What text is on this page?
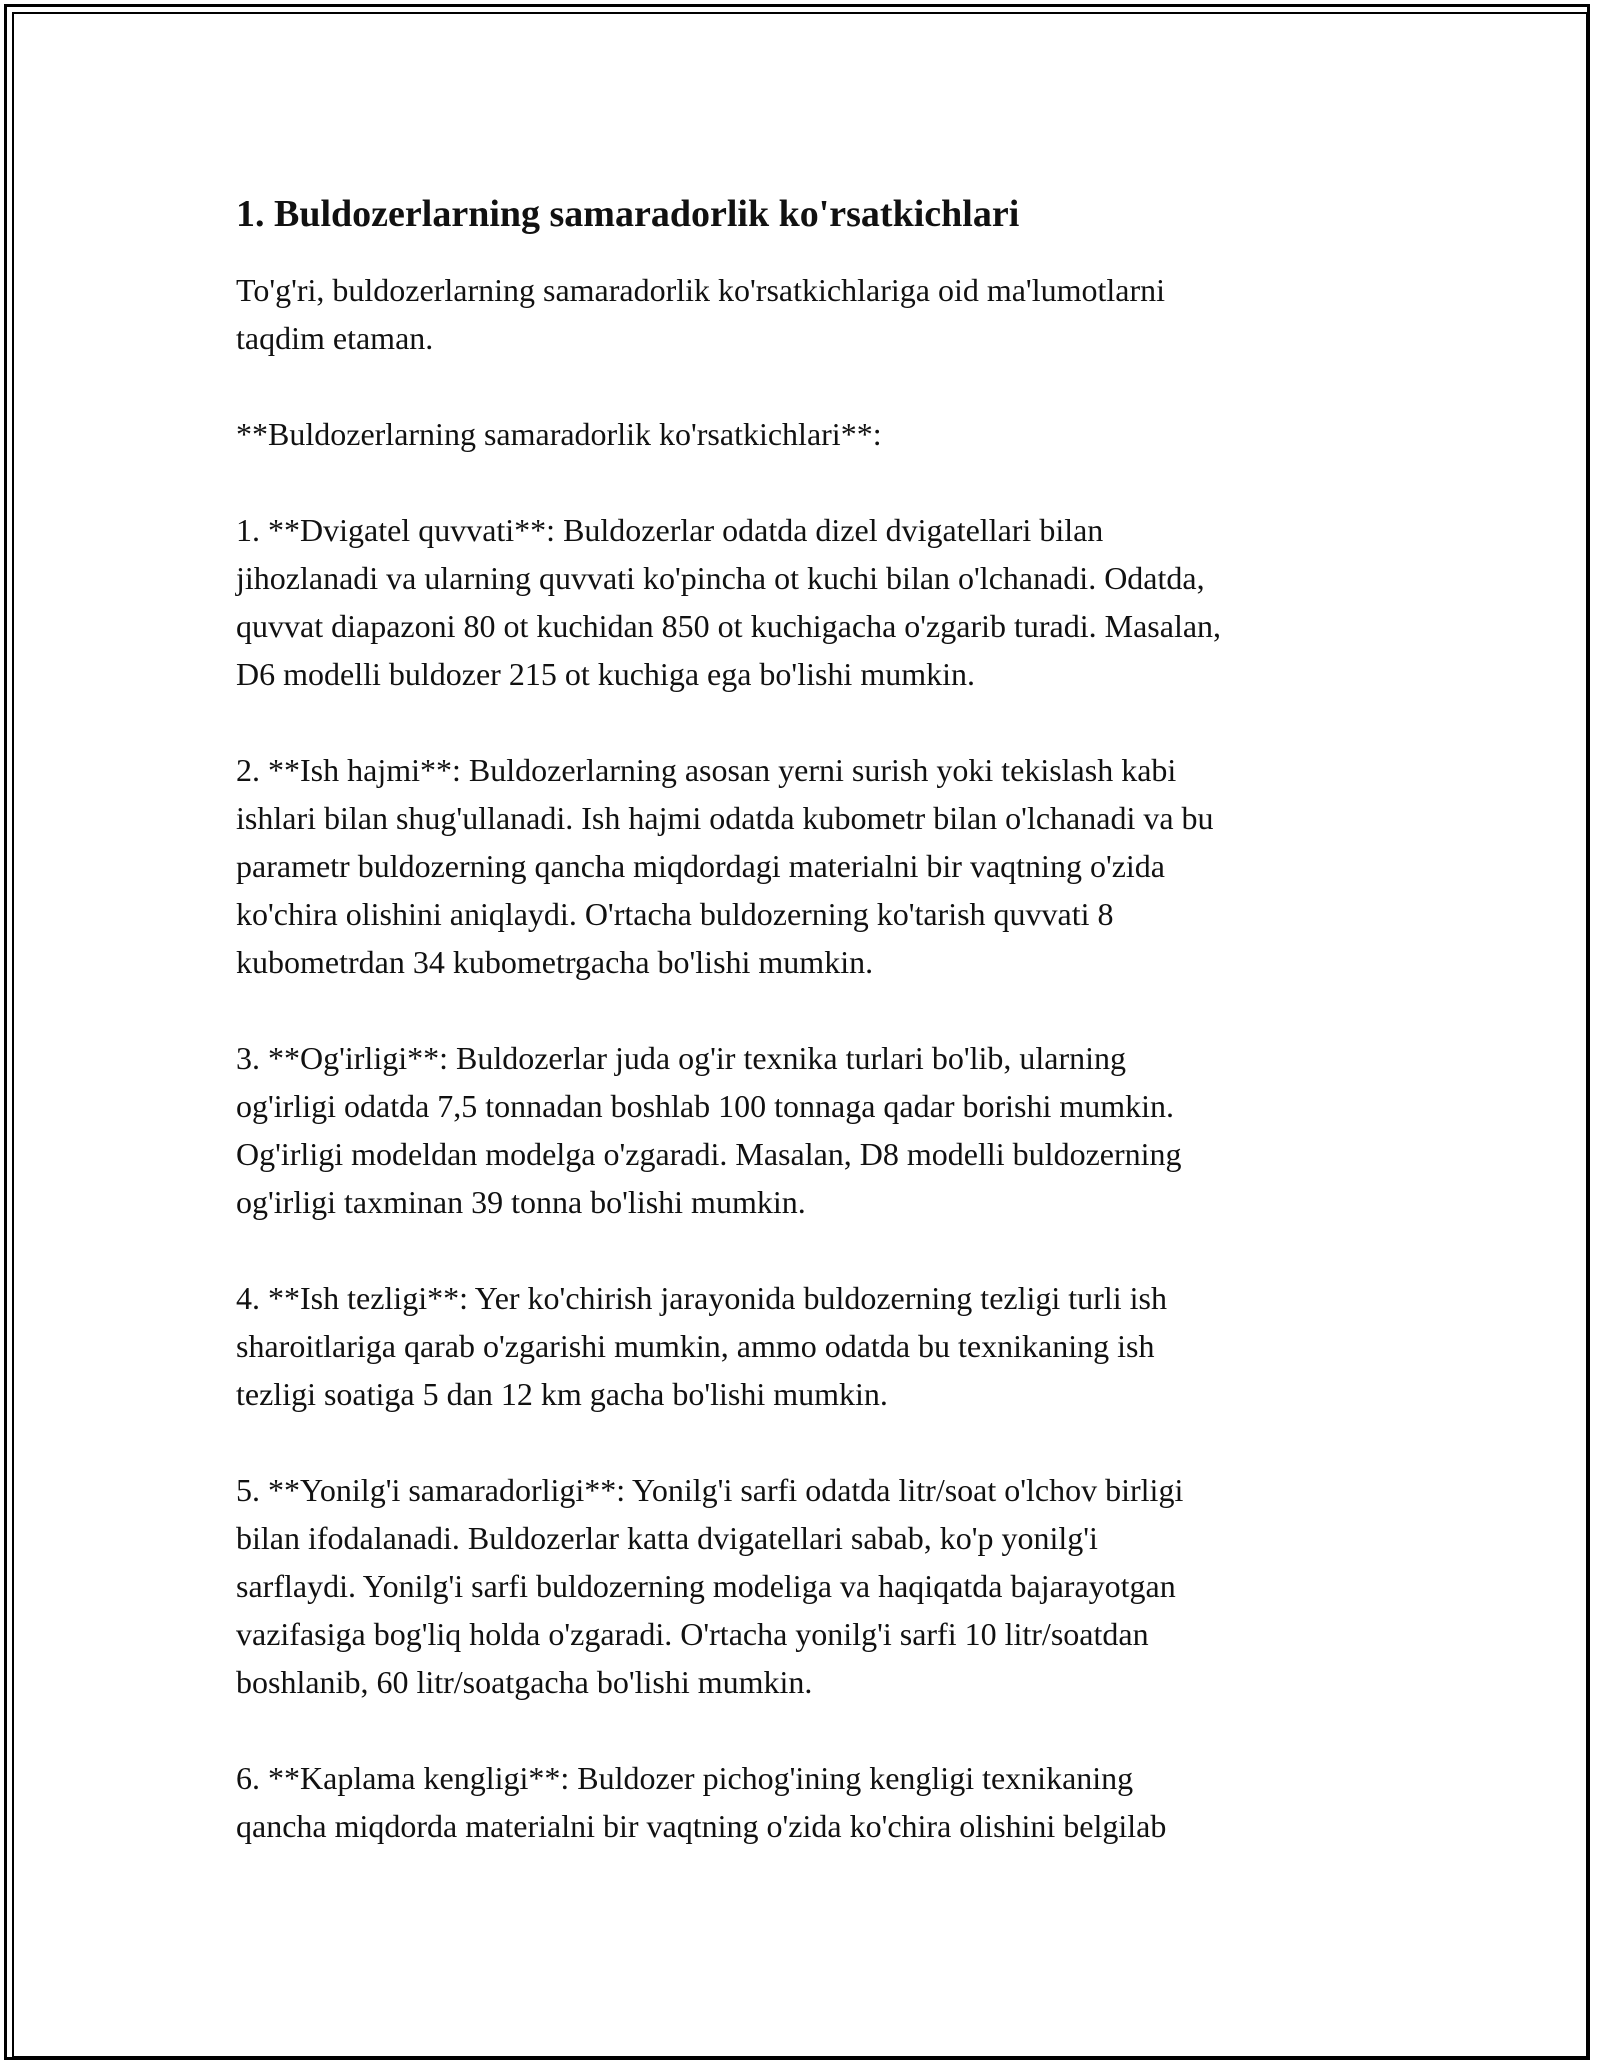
1. Buldozerlarning samaradorlik ko'rsatkichlari

To'g'ri, buldozerlarning samaradorlik ko'rsatkichlariga oid ma'lumotlarni
taqdim etaman.

**Buldozerlarning samaradorlik ko'rsatkichlari**:

1. **Dvigatel quvvati**: Buldozerlar odatda dizel dvigatellari bilan
jihozlanadi va ularning quvvati ko'pincha ot kuchi bilan o'lchanadi. Odatda,
quvvat diapazoni 80 ot kuchidan 850 ot kuchigacha o'zgarib turadi. Masalan,
D6 modelli buldozer 215 ot kuchiga ega bo'lishi mumkin.

2. **Ish hajmi**: Buldozerlarning asosan yerni surish yoki tekislash kabi
ishlari bilan shug'ullanadi. Ish hajmi odatda kubometr bilan o'lchanadi va bu
parametr buldozerning qancha miqdordagi materialni bir vaqtning o'zida
ko'chira olishini aniqlaydi. O'rtacha buldozerning ko'tarish quvvati 8
kubometrdan 34 kubometrgacha bo'lishi mumkin.

3. **Og'irligi**: Buldozerlar juda og'ir texnika turlari bo'lib, ularning
og'irligi odatda 7,5 tonnadan boshlab 100 tonnaga qadar borishi mumkin.
Og'irligi modeldan modelga o'zgaradi. Masalan, D8 modelli buldozerning
og'irligi taxminan 39 tonna bo'lishi mumkin.

4. **Ish tezligi**: Yer ko'chirish jarayonida buldozerning tezligi turli ish
sharoitlariga qarab o'zgarishi mumkin, ammo odatda bu texnikaning ish
tezligi soatiga 5 dan 12 km gacha bo'lishi mumkin.

5. **Yonilg'i samaradorligi**: Yonilg'i sarfi odatda litr/soat o'lchov birligi
bilan ifodalanadi. Buldozerlar katta dvigatellari sabab, ko'p yonilg'i
sarflaydi. Yonilg'i sarfi buldozerning modeliga va haqiqatda bajarayotgan
vazifasiga bog'liq holda o'zgaradi. O'rtacha yonilg'i sarfi 10 litr/soatdan
boshlanib, 60 litr/soatgacha bo'lishi mumkin.

6. **Kaplama kengligi**: Buldozer pichog'ining kengligi texnikaning
qancha miqdorda materialni bir vaqtning o'zida ko'chira olishini belgilab
